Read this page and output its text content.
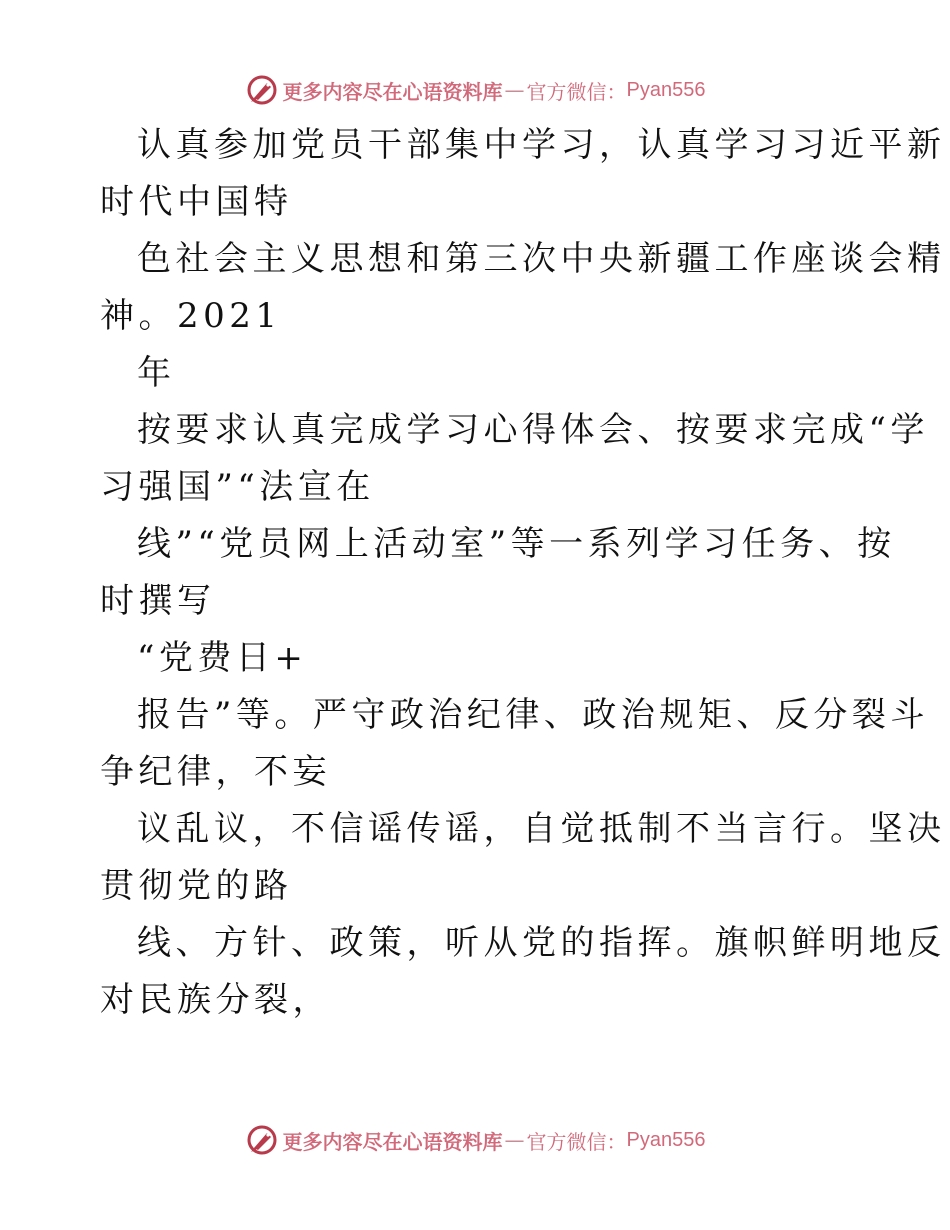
更多内容尽在心语资料库 — 官方微信： Pyan556
认真参加党员干部集中学习，认真学习习近平新
时代中国特
色社会主义思想和第三次中央新疆工作座谈会精
神。2021
年
按要求认真完成学习心得体会、按要求完成“学
习强国”“法宣在
线”“党员网上活动室”等一系列学习任务、按
时撰写
“党费日+
报告”等。严守政治纪律、政治规矩、反分裂斗
争纪律，不妄
议乱议，不信谣传谣，自觉抵制不当言行。坚决
贯彻党的路
线、方针、政策，听从党的指挥。旗帜鲜明地反
对民族分裂，
更多内容尽在心语资料库 — 官方微信： Pyan556
